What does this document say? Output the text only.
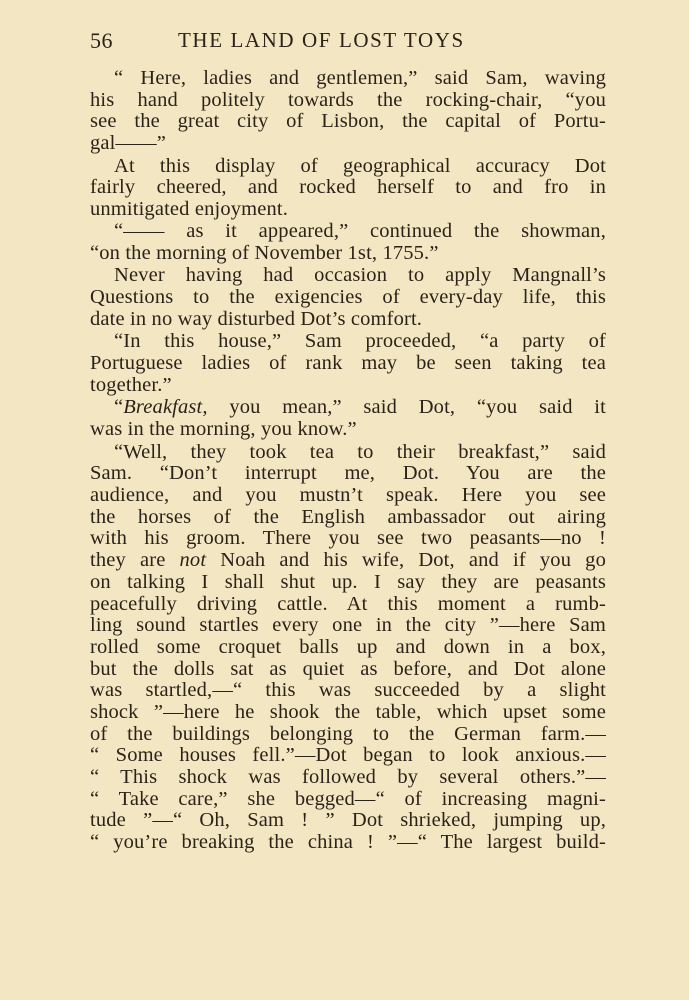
56	THE LAND OF LOST TOYS
“ Here, ladies and gentlemen,” said Sam, waving
his hand politely towards the rocking-chair, “you
see the great city of Lisbon, the capital of Portu-
gal——”
At this display of geographical accuracy Dot
fairly cheered, and rocked herself to and fro in
unmitigated enjoyment.
“—— as it appeared,” continued the showman,
“on the morning of November 1st, 1755.”
Never having had occasion to apply Mangnall’s
Questions to the exigencies of every-day life, this
date in no way disturbed Dot’s comfort.
“In this house,” Sam proceeded, “a party of
Portuguese ladies of rank may be seen taking tea
together.”
“Breakfast, you mean,” said Dot, “you said it
was in the morning, you know.”
“Well, they took tea to their breakfast,” said
Sam. “Don’t interrupt me, Dot. You are the
audience, and you mustn’t speak. Here you see
the horses of the English ambassador out airing
with his groom. There you see two peasants—no !
they are not Noah and his wife, Dot, and if you go
on talking I shall shut up. I say they are peasants
peacefully driving cattle. At this moment a rumb-
ling sound startles every one in the city ”—here Sam
rolled some croquet balls up and down in a box,
but the dolls sat as quiet as before, and Dot alone
was startled,—“ this was succeeded by a slight
shock ”—here he shook the table, which upset some
of the buildings belonging to the German farm.—
“ Some houses fell.”—Dot began to look anxious.—
“ This shock was followed by several others.”—
“ Take care,” she begged—“ of increasing magni-
tude ”—“ Oh, Sam ! ” Dot shrieked, jumping up,
“ you’re breaking the china ! ”—“ The largest build-
